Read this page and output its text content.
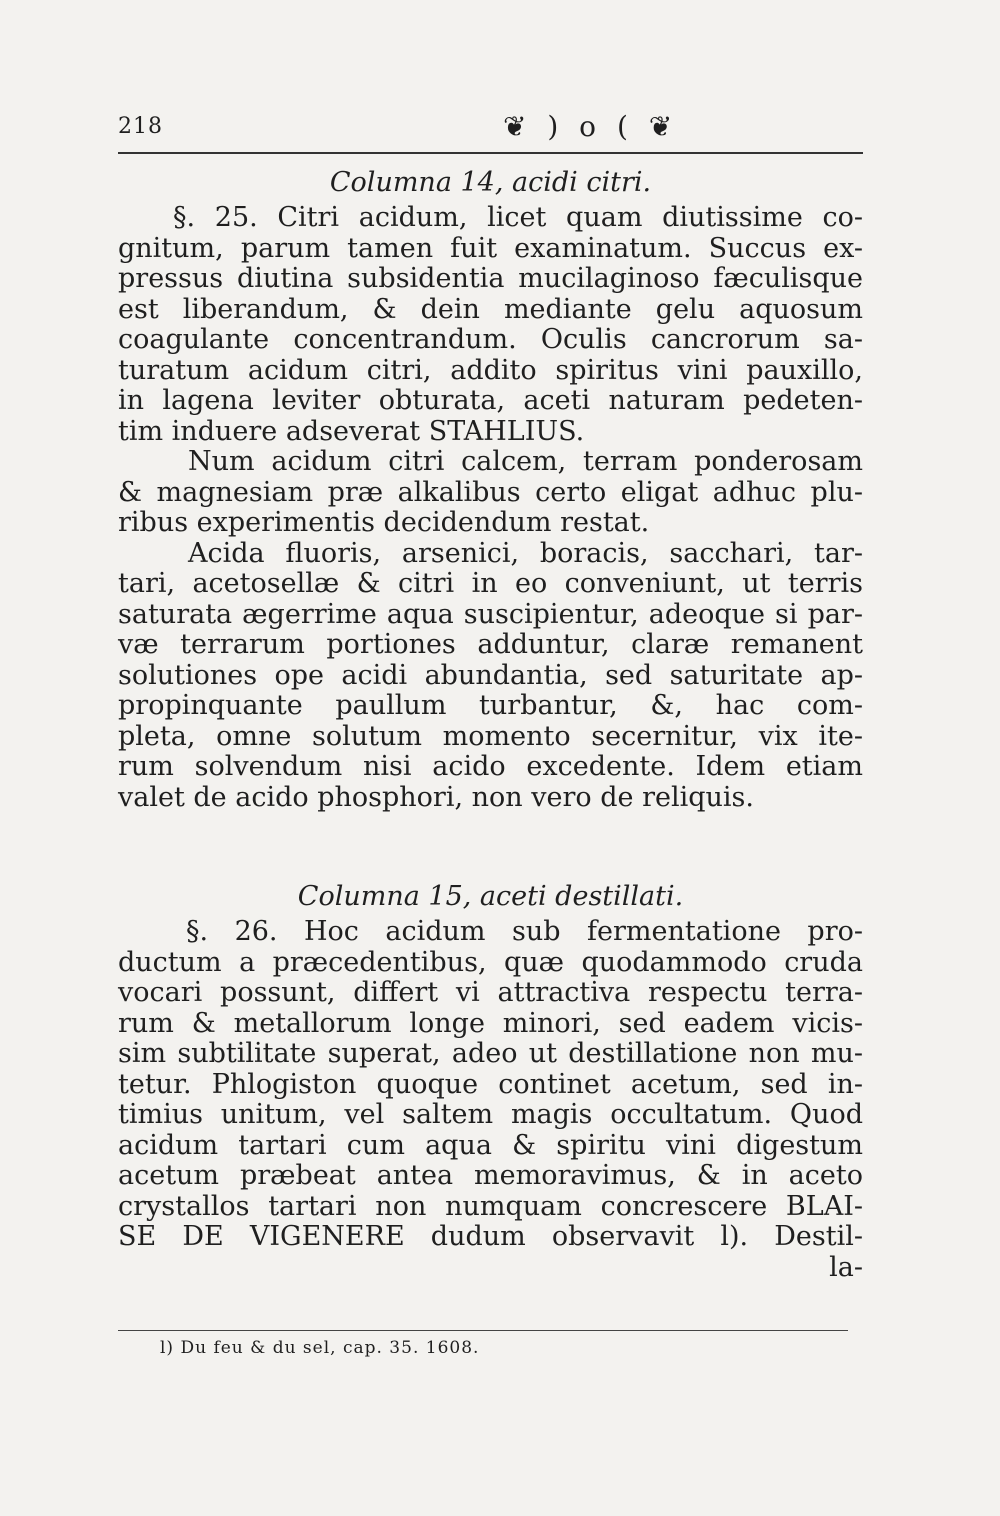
218	❦ ) o ( ❦
Columna 14, acidi citri.
§. 25. Citri acidum, licet quam diutissime co-
gnitum, parum tamen fuit examinatum. Succus ex-
pressus diutina subsidentia mucilaginoso fæculisque
est liberandum, & dein mediante gelu aquosum
coagulante concentrandum. Oculis cancrorum sa-
turatum acidum citri, addito spiritus vini pauxillo,
in lagena leviter obturata, aceti naturam pedeten-
tim induere adseverat STAHLIUS.
Num acidum citri calcem, terram ponderosam
& magnesiam præ alkalibus certo eligat adhuc plu-
ribus experimentis decidendum restat.
Acida fluoris, arsenici, boracis, sacchari, tar-
tari, acetosellæ & citri in eo conveniunt, ut terris
saturata ægerrime aqua suscipientur, adeoque si par-
væ terrarum portiones adduntur, claræ remanent
solutiones ope acidi abundantia, sed saturitate ap-
propinquante paullum turbantur, &, hac com-
pleta, omne solutum momento secernitur, vix ite-
rum solvendum nisi acido excedente. Idem etiam
valet de acido phosphori, non vero de reliquis.
Columna 15, aceti destillati.
§. 26. Hoc acidum sub fermentatione pro-
ductum a præcedentibus, quæ quodammodo cruda
vocari possunt, differt vi attractiva respectu terra-
rum & metallorum longe minori, sed eadem vicis-
sim subtilitate superat, adeo ut destillatione non mu-
tetur. Phlogiston quoque continet acetum, sed in-
timius unitum, vel saltem magis occultatum. Quod
acidum tartari cum aqua & spiritu vini digestum
acetum præbeat antea memoravimus, & in aceto
crystallos tartari non numquam concrescere BLAI-
SE DE VIGENERE dudum observavit l). Destil-
la-
l) Du feu & du sel, cap. 35. 1608.
